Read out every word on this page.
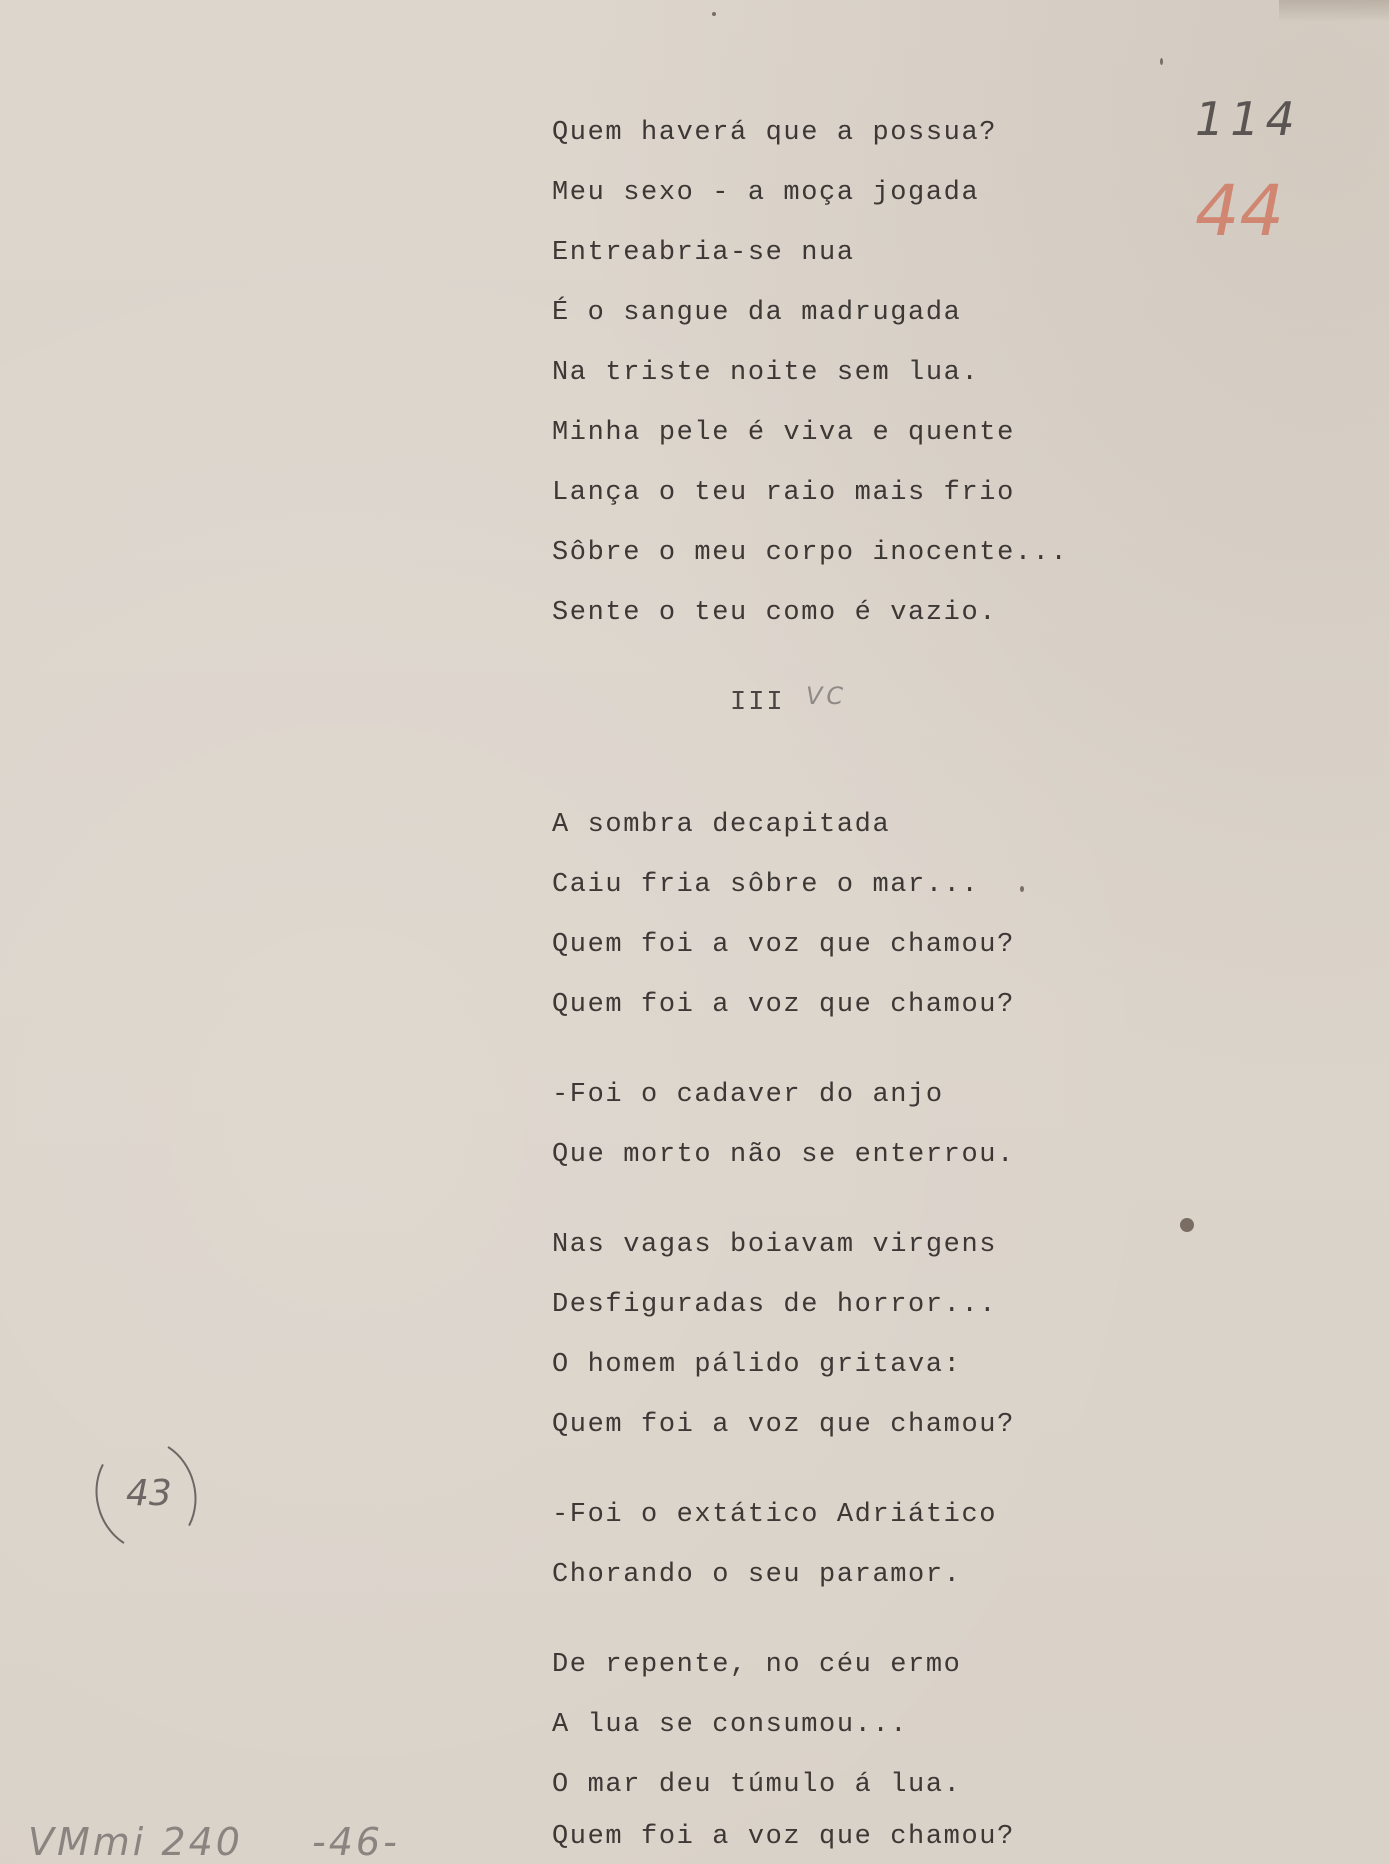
114
44
VC
43
VMmi 240 -46-
Quem haverá que a possua?
Meu sexo - a moça jogada
Entreabria-se nua
É o sangue da madrugada
Na triste noite sem lua.
Minha pele é viva e quente
Lança o teu raio mais frio
Sôbre o meu corpo inocente...
Sente o teu como é vazio.
III
A sombra decapitada
Caiu fria sôbre o mar...
Quem foi a voz que chamou?
Quem foi a voz que chamou?
-Foi o cadaver do anjo
Que morto não se enterrou.
Nas vagas boiavam virgens
Desfiguradas de horror...
O homem pálido gritava:
Quem foi a voz que chamou?
-Foi o extático Adriático
Chorando o seu paramor.
De repente, no céu ermo
A lua se consumou...
O mar deu túmulo á lua.
Quem foi a voz que chamou?
